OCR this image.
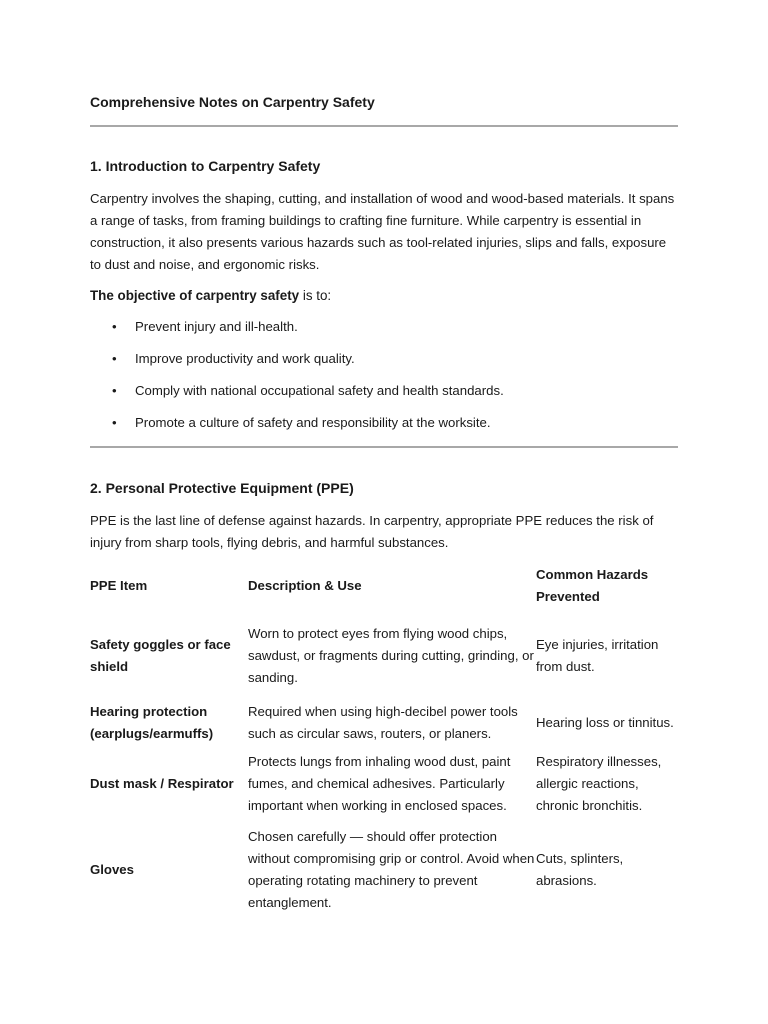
Comprehensive Notes on Carpentry Safety
1. Introduction to Carpentry Safety

Carpentry involves the shaping, cutting, and installation of wood and wood-based materials. It spans a range of tasks, from framing buildings to crafting fine furniture. While carpentry is essential in construction, it also presents various hazards such as tool-related injuries, slips and falls, exposure to dust and noise, and ergonomic risks.

The objective of carpentry safety is to:

• Prevent injury and ill-health.
• Improve productivity and work quality.
• Comply with national occupational safety and health standards.
• Promote a culture of safety and responsibility at the worksite.
2. Personal Protective Equipment (PPE)

PPE is the last line of defense against hazards. In carpentry, appropriate PPE reduces the risk of injury from sharp tools, flying debris, and harmful substances.

PPE Item	Description & Use	Common Hazards Prevented
Safety goggles or face shield	Worn to protect eyes from flying wood chips, sawdust, or fragments during cutting, grinding, or sanding.	Eye injuries, irritation from dust.
Hearing protection (earplugs/earmuffs)	Required when using high-decibel power tools such as circular saws, routers, or planers.	Hearing loss or tinnitus.
Dust mask / Respirator	Protects lungs from inhaling wood dust, paint fumes, and chemical adhesives. Particularly important when working in enclosed spaces.	Respiratory illnesses, allergic reactions, chronic bronchitis.
Gloves	Chosen carefully — should offer protection without compromising grip or control. Avoid when operating rotating machinery to prevent entanglement.	Cuts, splinters, abrasions.
